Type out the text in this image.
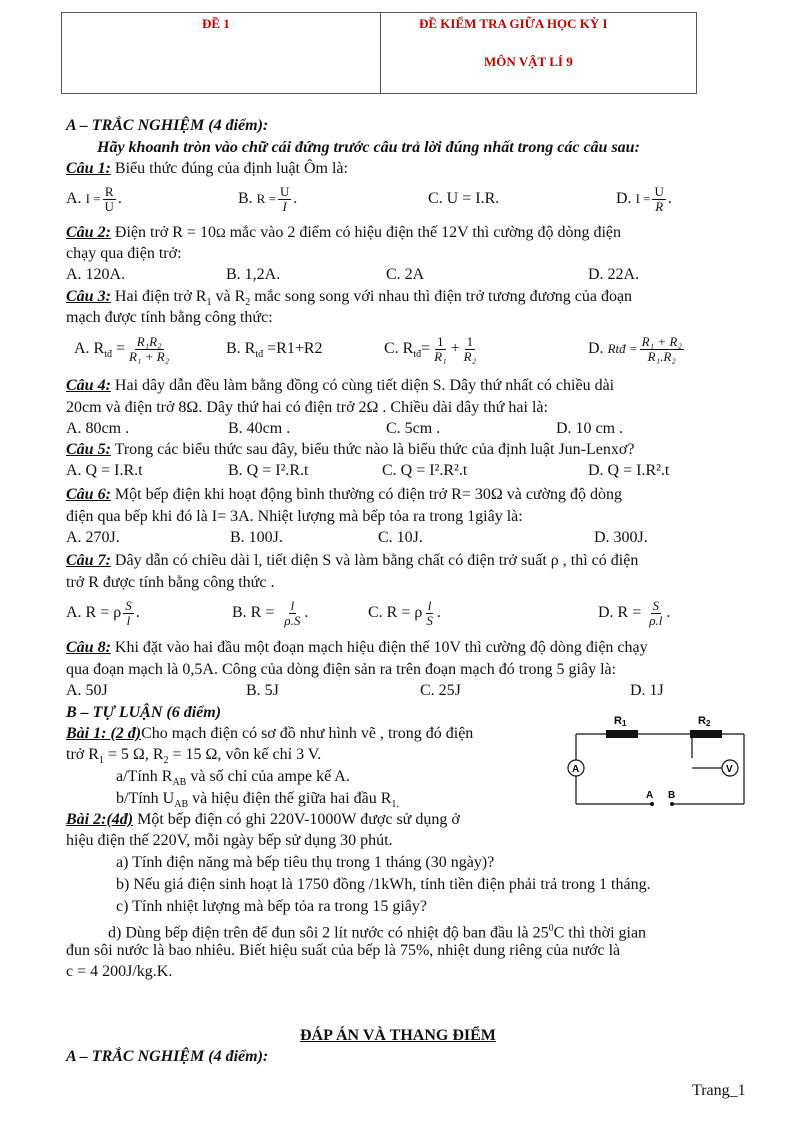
ĐỀ 1	ĐỀ KIỂM TRA GIỮA HỌC KỲ I
MÔN VẬT LÍ 9
A – TRẮC NGHIỆM (4 điểm):
Hãy khoanh tròn vào chữ cái đứng trước câu trả lời đúng nhất trong các câu sau:
Câu 1: Biểu thức đúng của định luật Ôm là:
A. $I = \frac{R}{U}$ .	B. $R = \frac{U}{I}$ .	C. U = I.R.	D. $I = \frac{U}{R}$ .
Câu 2: Điện trở R = 10Ω mắc vào 2 điểm có hiệu điện thế 12V thì cường độ dòng điện
chạy qua điện trở:
A. 120A.	B. 1,2A.	C. 2A	D. 22A.
Câu 3: Hai điện trở $R_1$ và $R_2$ mắc song song với nhau thì điện trở tương đương của đoạn
mạch được tính bằng công thức:
A. $R_{tđ} = \frac{\text{R₁R₂}}{\text{R₁ + R₂}}$	B. $R_{tđ} =R1+R2$	C. $R_{tđ}= \frac{1}{\text{R₁}} + \frac{1}{\text{R₂}}$	D. Rtđ = $\frac{\text{R₁ + R₂}}{\text{R₁.R₂}}$
Câu 4: Hai dây dẫn đều làm bằng đồng có cùng tiết diện S. Dây thứ nhất có chiều dài
20cm và điện trở 8Ω. Dây thứ hai có điện trở 2Ω . Chiều dài dây thứ hai là:
A. 80cm .	B. 40cm .	C. 5cm .	D. 10 cm .
Câu 5: Trong các biểu thức sau đây, biểu thức nào là biểu thức của định luật Jun-Lenxơ?
A. Q = I.R.t	B. Q = I².R.t	C. Q = I².R².t	D. Q = I.R².t
Câu 6: Một bếp điện khi hoạt động bình thường có điện trở R= 30Ω và cường độ dòng
điện qua bếp khi đó là I= 3A. Nhiệt lượng mà bếp tỏa ra trong 1giây là:
A. 270J.	B. 100J.	C. 10J.	D. 300J.
Câu 7: Dây dẫn có chiều dài l, tiết diện S và làm bằng chất có điện trở suất ρ , thì có điện
trở R được tính bằng công thức .
A. R = ρ $\frac{S}{l}$ .	B. $R = \frac{l}{\rho.S}$ .	C. R = ρ $\frac{l}{S}$ .	D. $R = \frac{S}{\rho.l}$ .
Câu 8: Khi đặt vào hai đầu một đoạn mạch hiệu điện thế 10V thì cường độ dòng điện chạy
qua đoạn mạch là 0,5A. Công của dòng điện sản ra trên đoạn mạch đó trong 5 giây là:
A. 50J	B. 5J	C. 25J	D. 1J
B – TỰ LUẬN (6 điểm)
Bài 1: (2 đ)Cho mạch điện có sơ đồ như hình vẽ , trong đó điện
trở $R_1 = 5$ Ω, $R_2 = 15$ Ω, vôn kế chỉ 3 V.
a/Tính $R_{AB}$ và số chỉ của ampe kế A.
b/Tính $U_{AB}$ và hiệu điện thế giữa hai đầu $R_{1.}$
R1	R2
A	V
A B
Bài 2:(4đ) Một bếp điện có ghi 220V-1000W được sử dụng ở
hiệu điện thế 220V, mỗi ngày bếp sử dụng 30 phút.
a) Tính điện năng mà bếp tiêu thụ trong 1 tháng (30 ngày)?
b) Nếu giá điện sinh hoạt là 1750 đồng /1kWh, tính tiền điện phải trả trong 1 tháng.
c) Tính nhiệt lượng mà bếp tỏa ra trong 15 giây?
d) Dùng bếp điện trên để đun sôi 2 lít nước có nhiệt độ ban đầu là $25^0C$ thì thời gian
đun sôi nước là bao nhiêu. Biết hiệu suất của bếp là 75%, nhiệt dung riêng của nước là
c = 4 200J/kg.K.
ĐÁP ÁN VÀ THANG ĐIỂM
A – TRẮC NGHIỆM (4 điểm):
Trang_1
